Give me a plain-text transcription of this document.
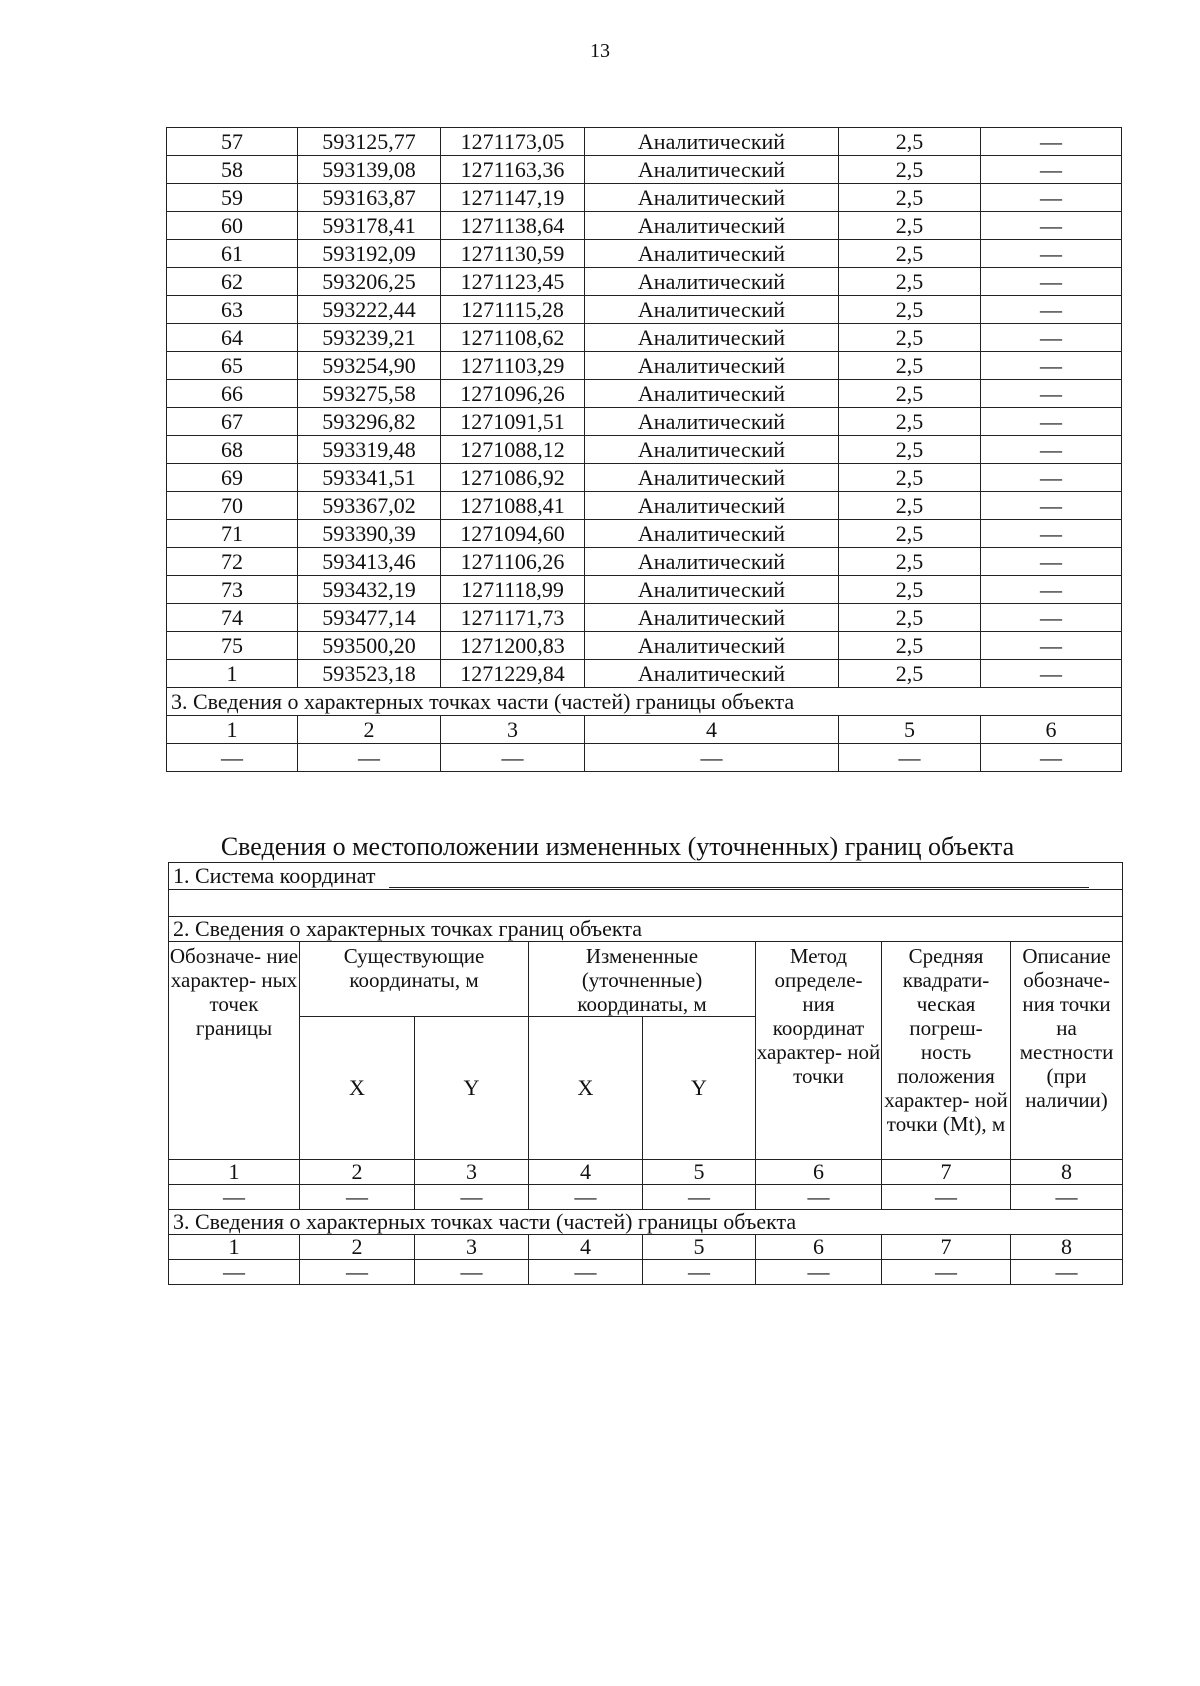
13
57	593125,77	1271173,05	Аналитический	2,5	—
58	593139,08	1271163,36	Аналитический	2,5	—
59	593163,87	1271147,19	Аналитический	2,5	—
60	593178,41	1271138,64	Аналитический	2,5	—
61	593192,09	1271130,59	Аналитический	2,5	—
62	593206,25	1271123,45	Аналитический	2,5	—
63	593222,44	1271115,28	Аналитический	2,5	—
64	593239,21	1271108,62	Аналитический	2,5	—
65	593254,90	1271103,29	Аналитический	2,5	—
66	593275,58	1271096,26	Аналитический	2,5	—
67	593296,82	1271091,51	Аналитический	2,5	—
68	593319,48	1271088,12	Аналитический	2,5	—
69	593341,51	1271086,92	Аналитический	2,5	—
70	593367,02	1271088,41	Аналитический	2,5	—
71	593390,39	1271094,60	Аналитический	2,5	—
72	593413,46	1271106,26	Аналитический	2,5	—
73	593432,19	1271118,99	Аналитический	2,5	—
74	593477,14	1271171,73	Аналитический	2,5	—
75	593500,20	1271200,83	Аналитический	2,5	—
1	593523,18	1271229,84	Аналитический	2,5	—
3. Сведения о характерных точках части (частей) границы объекта					
1	2	3	4	5	6
—	—	—	—	—	—
Сведения о местоположении измененных (уточненных) границ объекта
1. Система координат							

2. Сведения о характерных точках границ объекта							
Обозначе- ние характер- ных точек границы	Существующие координаты, м		Измененные (уточненные) координаты, м		Метод определе- ния координат характер- ной точки	Средняя квадрати- ческая погреш- ность положения характер- ной точки (Mt), м	Описание обозначе- ния точки на местности (при наличии)
	X	Y	X	Y			
1	2	3	4	5	6	7	8
—	—	—	—	—	—	—	—
3. Сведения о характерных точках части (частей) границы объекта							
1	2	3	4	5	6	7	8
—	—	—	—	—	—	—	—
